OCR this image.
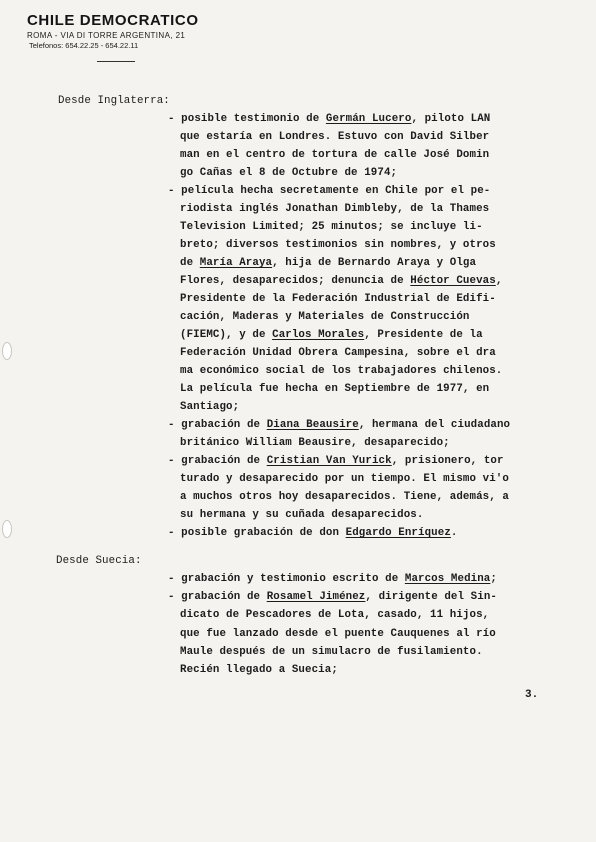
CHILE DEMOCRATICO
ROMA - VIA DI TORRE ARGENTINA, 21
Telefonos: 654.22.25 - 654.22.11
Desde Inglaterra:
- posible testimonio de Germán Lucero, piloto LAN
que estaría en Londres. Estuvo con David Silber
man en el centro de tortura de calle José Domin
go Cañas el 8 de Octubre de 1974;
- película hecha secretamente en Chile por el pe-
riodista inglés Jonathan Dimbleby, de la Thames
Television Limited; 25 minutos; se incluye li-
breto; diversos testimonios sin nombres, y otros
de María Araya, hija de Bernardo Araya y Olga
Flores, desaparecidos; denuncia de Héctor Cuevas,
Presidente de la Federación Industrial de Edifi-
cación, Maderas y Materiales de Construcción
(FIEMC), y de Carlos Morales, Presidente de la
Federación Unidad Obrera Campesina, sobre el dra
ma económico social de los trabajadores chilenos.
La película fue hecha en Septiembre de 1977, en
Santiago;
- grabación de Diana Beausire, hermana del ciudadano
británico William Beausire, desaparecido;
- grabación de Cristian Van Yurick, prisionero, tor
turado y desaparecido por un tiempo. El mismo vi'o
a muchos otros hoy desaparecidos. Tiene, además, a
su hermana y su cuñada desaparecidos.
- posible grabación de don Edgardo Enríquez.
Desde Suecia:
- grabación y testimonio escrito de Marcos Medina;
- grabación de Rosamel Jiménez, dirigente del Sin-
dicato de Pescadores de Lota, casado, 11 hijos,
que fue lanzado desde el puente Cauquenes al río
Maule después de un simulacro de fusilamiento.
Recién llegado a Suecia;
3.
